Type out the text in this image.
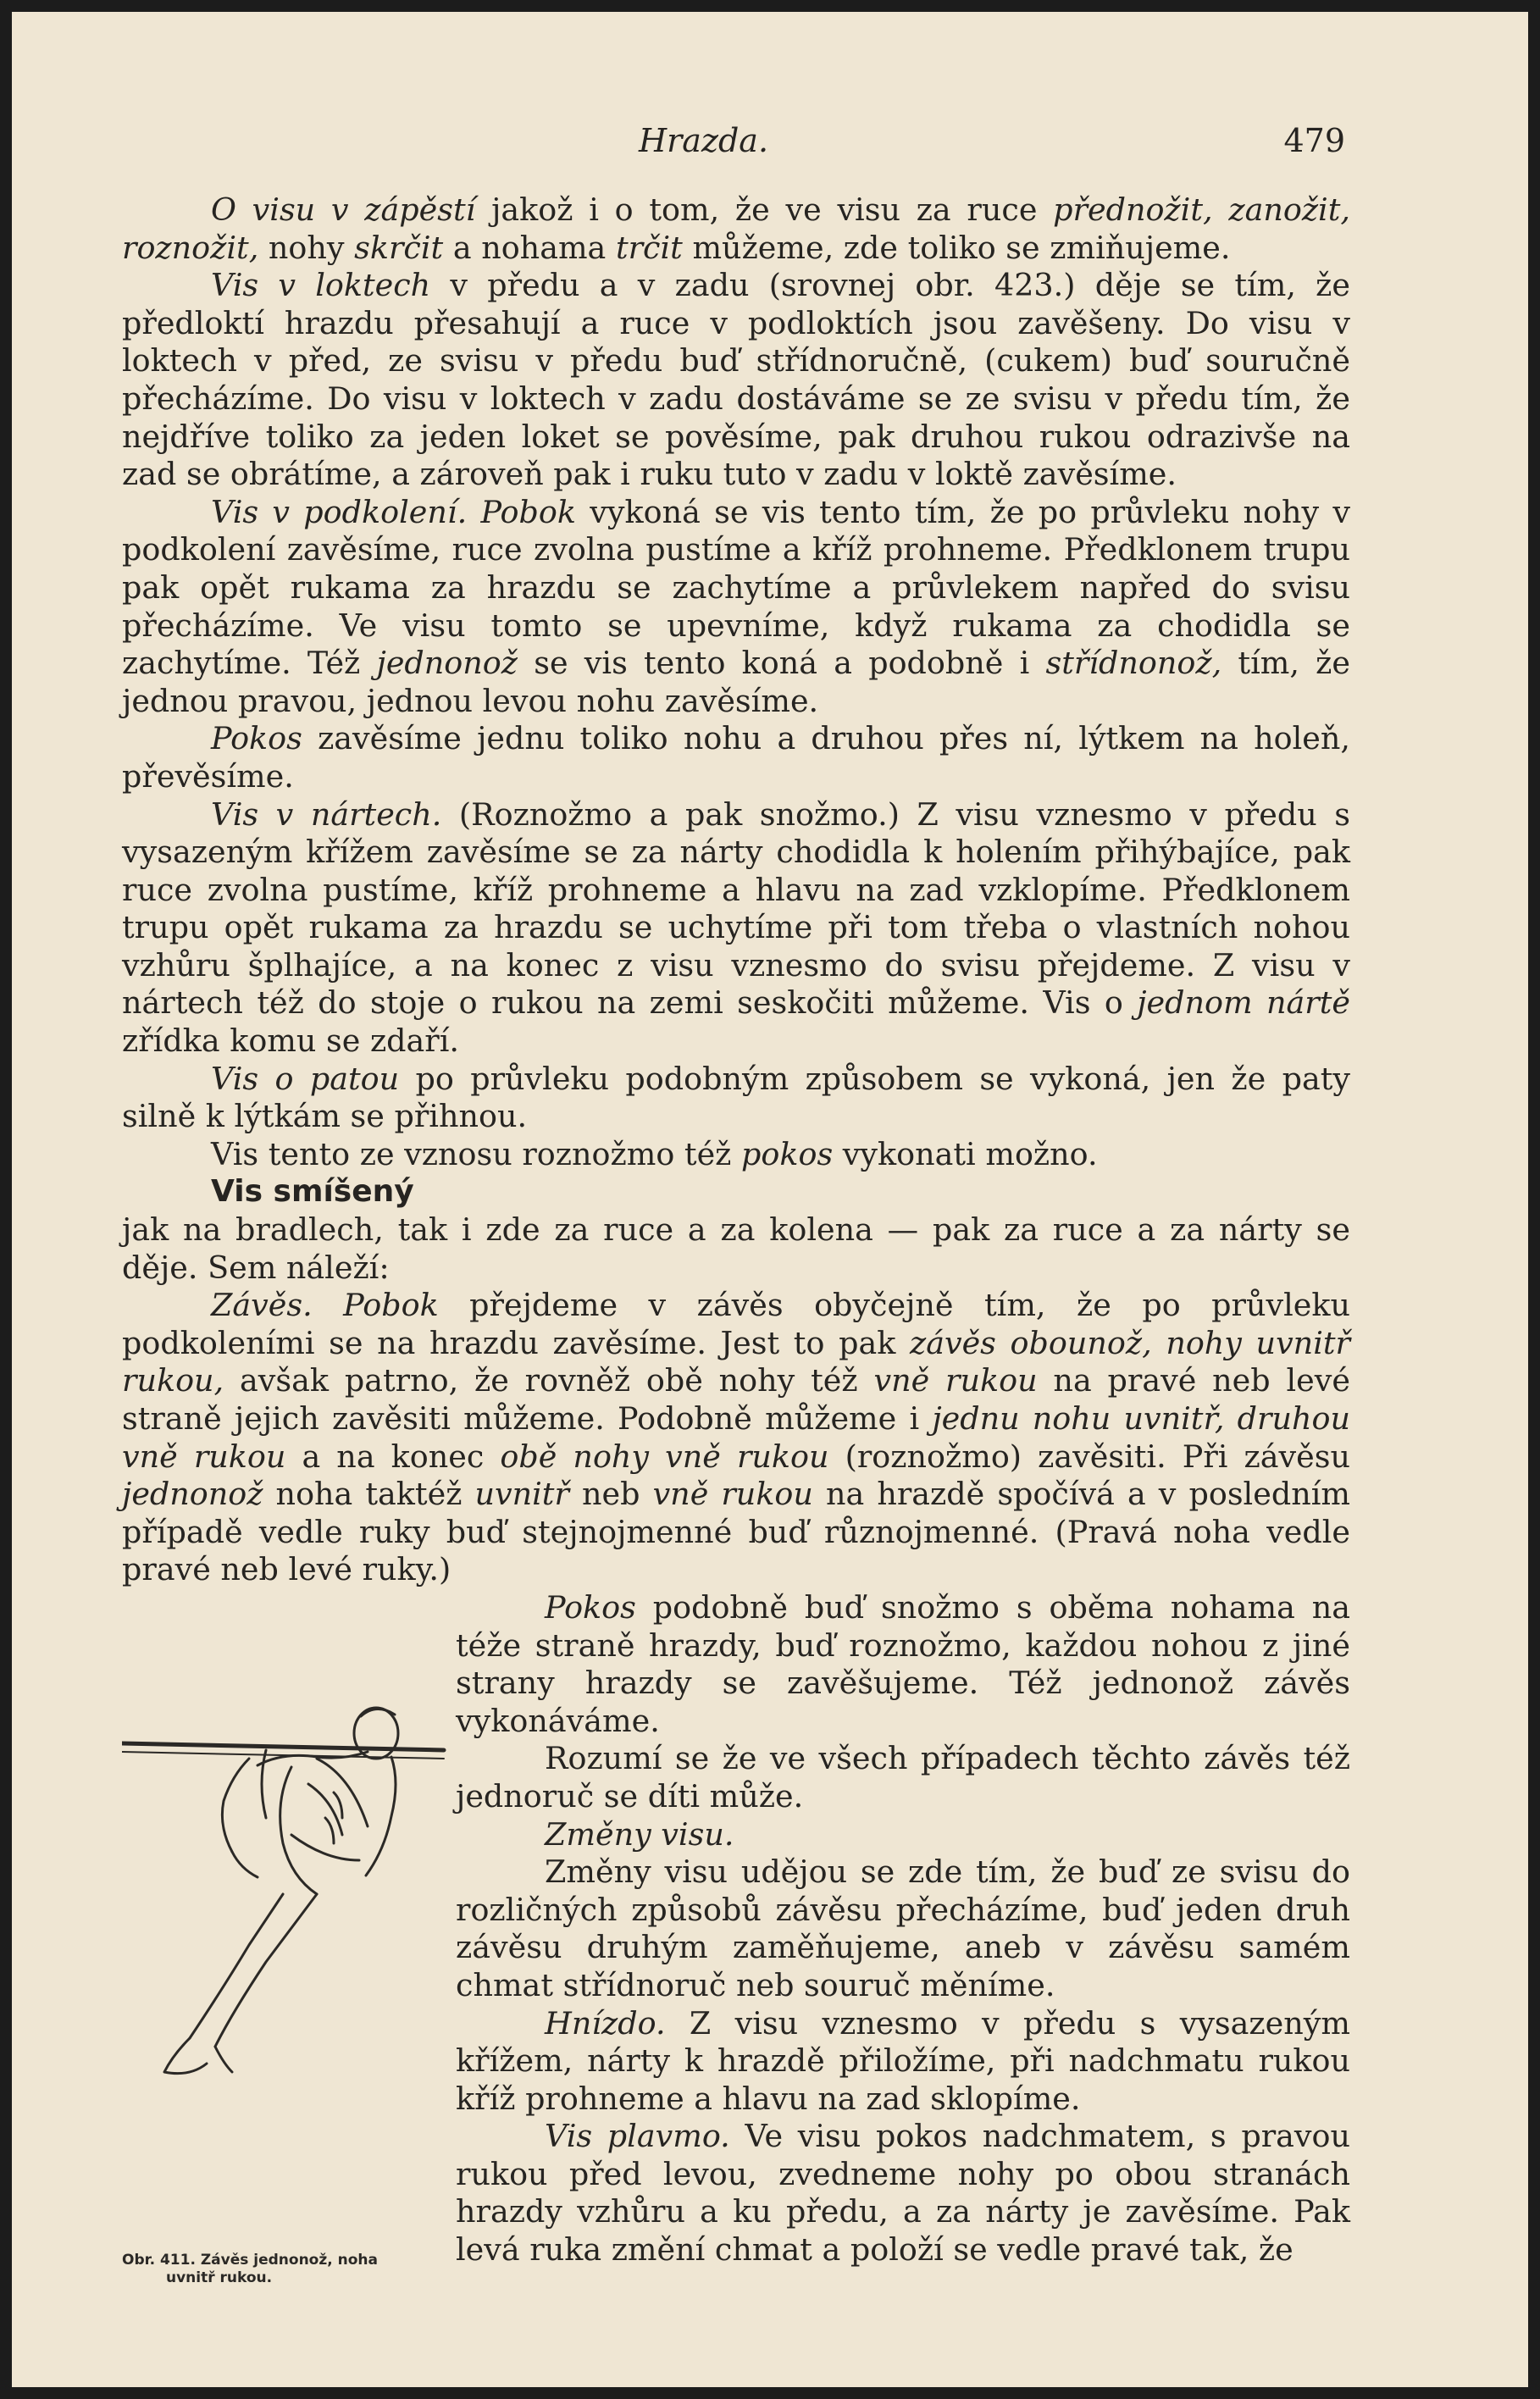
Hrazda.	479

O visu v zápěstí jakož i o tom, že ve visu za ruce přednožit, zanožit, roznožit, nohy skrčit a nohama trčit můžeme, zde toliko se zmiňujeme.

Vis v loktech v předu a v zadu (srovnej obr. 423.) děje se tím, že předloktí hrazdu přesahují a ruce v podloktích jsou zavěšeny. Do visu v loktech v před, ze svisu v předu buď střídnoručně, (cukem) buď souručně přecházíme. Do visu v loktech v zadu dostáváme se ze svisu v předu tím, že nejdříve toliko za jeden loket se pověsíme, pak druhou rukou odrazivše na zad se obrátíme, a zároveň pak i ruku tuto v zadu v loktě zavěsíme.

Vis v podkolení. Pobok vykoná se vis tento tím, že po průvleku nohy v podkolení zavěsíme, ruce zvolna pustíme a kříž prohneme. Předklonem trupu pak opět rukama za hrazdu se zachytíme a průvlekem napřed do svisu přecházíme. Ve visu tomto se upevníme, když rukama za chodidla se zachytíme. Též jednonož se vis tento koná a podobně i střídnonož, tím, že jednou pravou, jednou levou nohu zavěsíme.

Pokos zavěsíme jednu toliko nohu a druhou přes ní, lýtkem na holeň, převěsíme.

Vis v nártech. (Roznožmo a pak snožmo.) Z visu vznesmo v předu s vysazeným křížem zavěsíme se za nárty chodidla k holením přihýbajíce, pak ruce zvolna pustíme, kříž prohneme a hlavu na zad vzklopíme. Předklonem trupu opět rukama za hrazdu se uchytíme při tom třeba o vlastních nohou vzhůru šplhajíce, a na konec z visu vznesmo do svisu přejdeme. Z visu v nártech též do stoje o rukou na zemi seskočiti můžeme. Vis o jednom nártě zřídka komu se zdaří.

Vis o patou po průvleku podobným způsobem se vykoná, jen že paty silně k lýtkám se přihnou.

Vis tento ze vznosu roznožmo též pokos vykonati možno.

Vis smíšený

jak na bradlech, tak i zde za ruce a za kolena — pak za ruce a za nárty se děje. Sem náleží:

Závěs. Pobok přejdeme v závěs obyčejně tím, že po průvleku podkoleními se na hrazdu zavěsíme. Jest to pak závěs obounož, nohy uvnitř rukou, avšak patrno, že rovněž obě nohy též vně rukou na pravé neb levé straně jejich zavěsiti můžeme. Podobně můžeme i jednu nohu uvnitř, druhou vně rukou a na konec obě nohy vně rukou (roznožmo) zavěsiti. Při závěsu jednonož noha taktéž uvnitř neb vně rukou na hrazdě spočívá a v posledním případě vedle ruky buď stejnojmenné buď různojmenné. (Pravá noha vedle pravé neb levé ruky.)

Obr. 411. Závěs jednonož, noha
uvnitř rukou.

Pokos podobně buď snožmo s oběma nohama na téže straně hrazdy, buď roznožmo, každou nohou z jiné strany hrazdy se zavěšujeme. Též jednonož závěs vykonáváme.

Rozumí se že ve všech případech těchto závěs též jednoruč se díti může.

Změny visu.

Změny visu udějou se zde tím, že buď ze svisu do rozličných způsobů závěsu přecházíme, buď jeden druh závěsu druhým zaměňujeme, aneb v závěsu samém chmat střídnoruč neb souruč měníme.

Hnízdo. Z visu vznesmo v předu s vysazeným křížem, nárty k hrazdě přiložíme, při nadchmatu rukou kříž prohneme a hlavu na zad sklopíme.

Vis plavmo. Ve visu pokos nadchmatem, s pravou rukou před levou, zvedneme nohy po obou stranách hrazdy vzhůru a ku předu, a za nárty je zavěsíme. Pak levá ruka změní chmat a položí se vedle pravé tak, že
